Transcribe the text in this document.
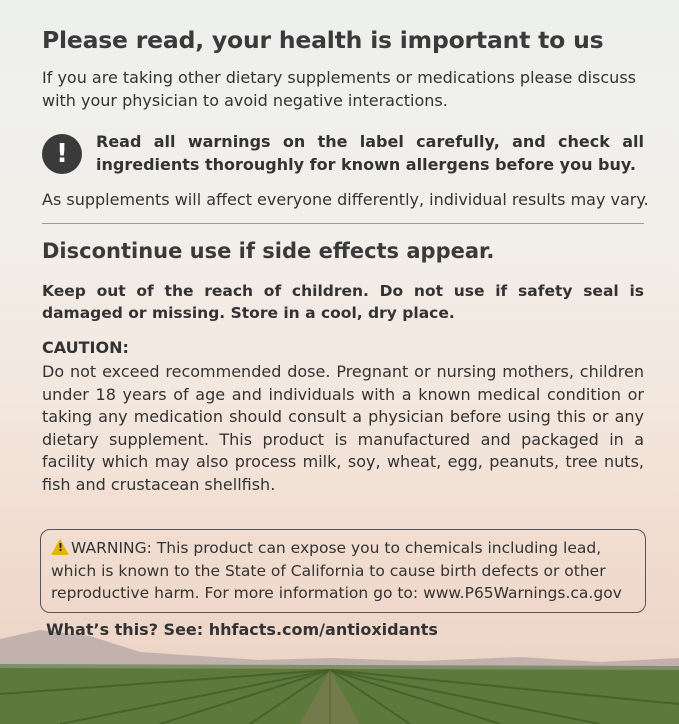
Please read, your health is important to us
If you are taking other dietary supplements or medications please discuss with your physician to avoid negative interactions.
!	Read all warnings on the label carefully, and check all ingredients thoroughly for known allergens before you buy.
As supplements will affect everyone differently, individual results may vary.
Discontinue use if side effects appear.
Keep out of the reach of children. Do not use if safety seal is damaged or missing. Store in a cool, dry place.
CAUTION:
Do not exceed recommended dose. Pregnant or nursing mothers, children under 18 years of age and individuals with a known medical condition or taking any medication should consult a physician before using this or any dietary supplement. This product is manufactured and packaged in a facility which may also process milk, soy, wheat, egg, peanuts, tree nuts, fish and crustacean shellfish.
!WARNING: This product can expose you to chemicals including lead, which is known to the State of California to cause birth defects or other reproductive harm. For more information go to: www.P65Warnings.ca.gov
What’s this? See: hhfacts.com/antioxidants
